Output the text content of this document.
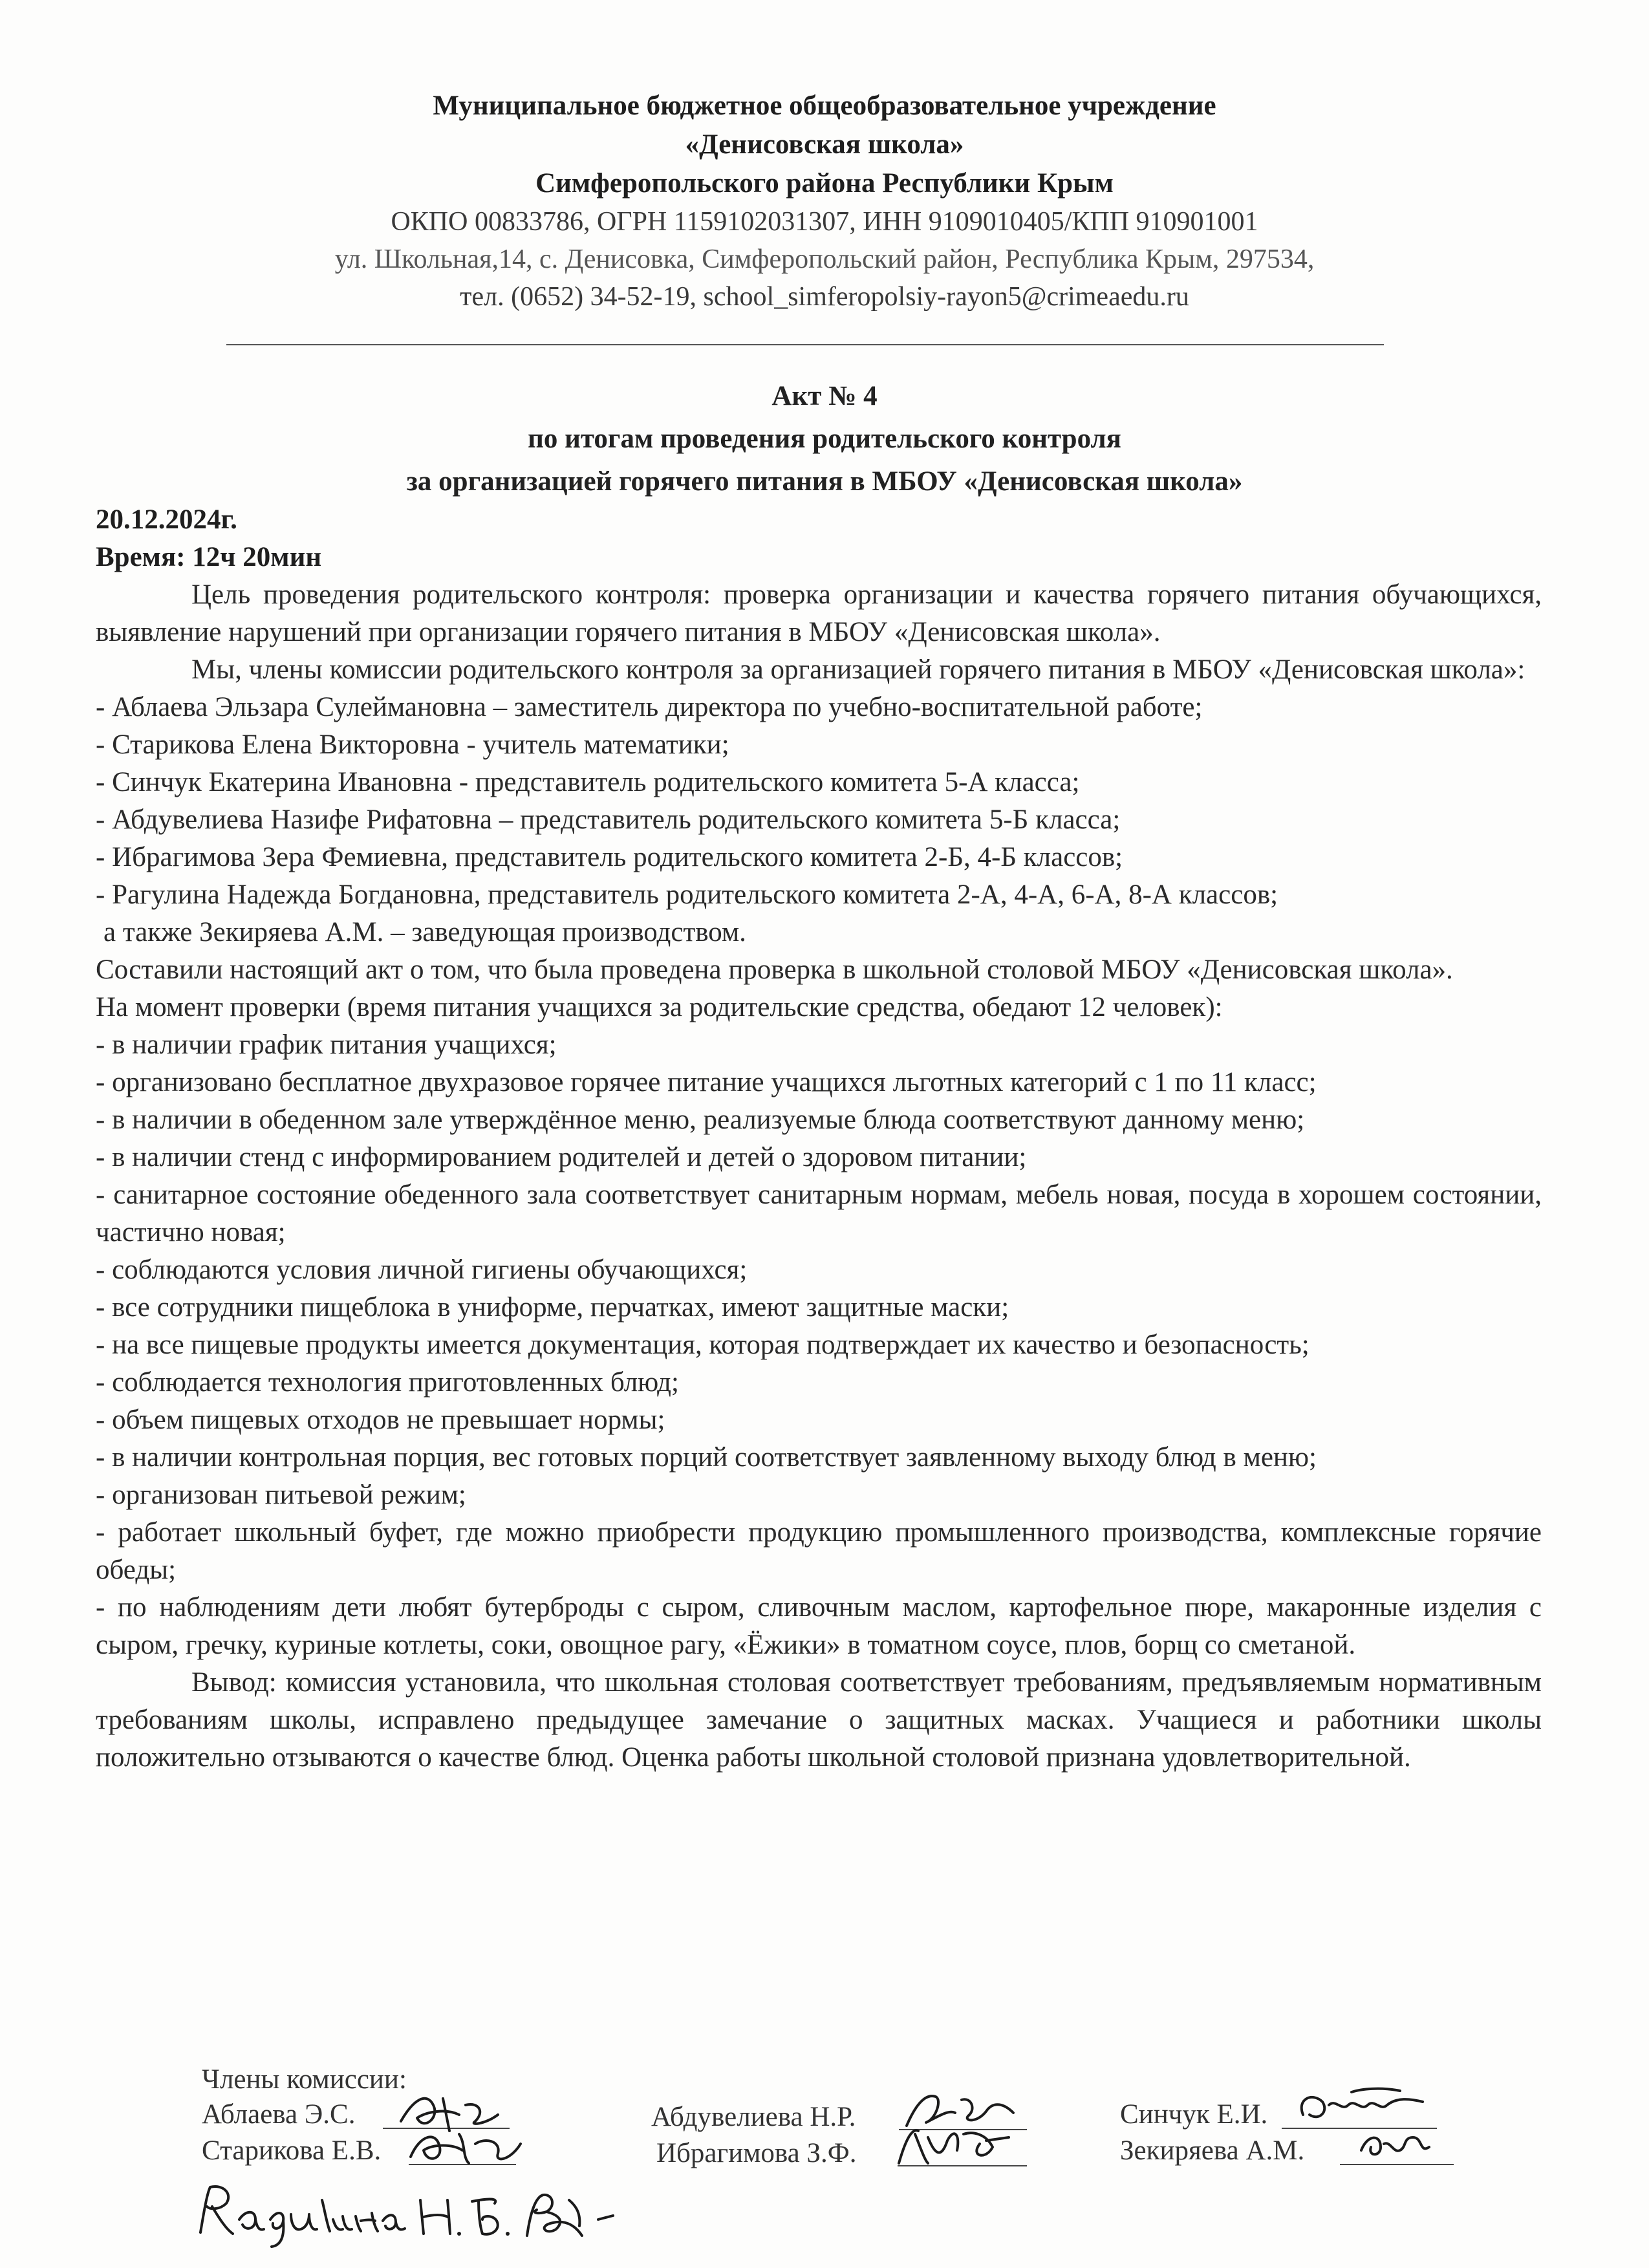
Муниципальное бюджетное общеобразовательное учреждение
«Денисовская школа»
Симферопольского района Республики Крым
ОКПО 00833786, ОГРН 1159102031307, ИНН 9109010405/КПП 910901001
ул. Школьная,14, с. Денисовка, Симферопольский район, Республика Крым, 297534,
тел. (0652) 34-52-19, school_simferopolsiy-rayon5@crimeaedu.ru
Акт № 4
по итогам проведения родительского контроля
за организацией горячего питания в МБОУ «Денисовская школа»

20.12.2024г.

Время: 12ч 20мин

Цель проведения родительского контроля: проверка организации и качества горячего питания обучающихся, выявление нарушений при организации горячего питания в МБОУ «Денисовская школа».

Мы, члены комиссии родительского контроля за организацией горячего питания в МБОУ «Денисовская школа»:

- Аблаева Эльзара Сулеймановна – заместитель директора по учебно-воспитательной работе;

- Старикова Елена Викторовна - учитель математики;

- Синчук Екатерина Ивановна - представитель родительского комитета 5-А класса;

- Абдувелиева Назифе Рифатовна – представитель родительского комитета 5-Б класса;

- Ибрагимова Зера Фемиевна, представитель родительского комитета 2-Б, 4-Б классов;

- Рагулина Надежда Богдановна, представитель родительского комитета 2-А, 4-А, 6-А, 8-А классов;

а также Зекиряева А.М. – заведующая производством.

Составили настоящий акт о том, что была проведена проверка в школьной столовой МБОУ «Денисовская школа».

На момент проверки (время питания учащихся за родительские средства, обедают 12 человек):

- в наличии график питания учащихся;

- организовано бесплатное двухразовое горячее питание учащихся льготных категорий с 1 по 11 класс;

- в наличии в обеденном зале утверждённое меню, реализуемые блюда соответствуют данному меню;

- в наличии стенд с информированием родителей и детей о здоровом питании;

- санитарное состояние обеденного зала соответствует санитарным нормам, мебель новая, посуда в хорошем состоянии, частично новая;

- соблюдаются условия личной гигиены обучающихся;

- все сотрудники пищеблока в униформе, перчатках, имеют защитные маски;

- на все пищевые продукты имеется документация, которая подтверждает их качество и безопасность;

- соблюдается технология приготовленных блюд;

- объем пищевых отходов не превышает нормы;

- в наличии контрольная порция, вес готовых порций соответствует заявленному выходу блюд в меню;

- организован питьевой режим;

- работает школьный буфет, где можно приобрести продукцию промышленного производства, комплексные горячие обеды;

- по наблюдениям дети любят бутерброды с сыром, сливочным маслом, картофельное пюре, макаронные изделия с сыром, гречку, куриные котлеты, соки, овощное рагу, «Ёжики» в томатном соусе, плов, борщ со сметаной.

Вывод: комиссия установила, что школьная столовая соответствует требованиям, предъявляемым нормативным требованиям школы, исправлено предыдущее замечание о защитных масках. Учащиеся и работники школы положительно отзываются о качестве блюд. Оценка работы школьной столовой признана удовлетворительной.

Члены комиссии:
Аблаева Э.С.
Старикова Е.В.
Абдувелиева Н.Р.
Ибрагимова З.Ф.
Синчук Е.И.
Зекиряева А.М.
